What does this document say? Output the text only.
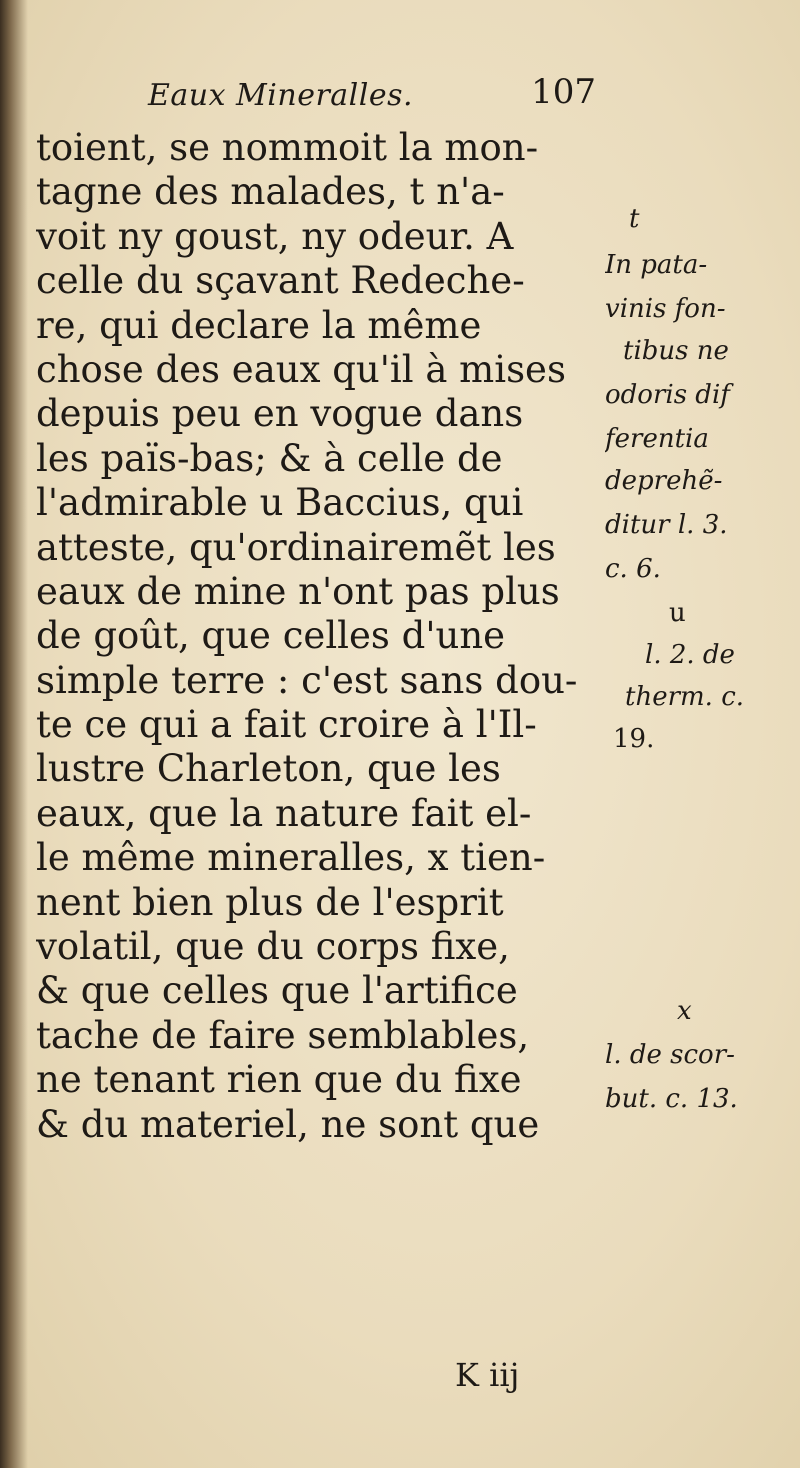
Eaux Mineralles.	107
toient, se nommoit la mon-
tagne des malades, t n'a-
voit ny goust, ny odeur. A
celle du sçavant Redeche-
re, qui declare la même
chose des eaux qu'il à mises
depuis peu en vogue dans
les païs-bas; & à celle de
l'admirable u Baccius, qui
atteste, qu'ordinairemẽt les
eaux de mine n'ont pas plus
de goût, que celles d'une
simple terre : c'est sans dou-
te ce qui a fait croire à l'Il-
lustre Charleton, que les
eaux, que la nature fait el-
le même mineralles, x tien-
nent bien plus de l'esprit
volatil, que du corps fixe,
& que celles que l'artifice
tache de faire semblables,
ne tenant rien que du fixe
& du materiel, ne sont que
t
In pata-
vinis fon-
tibus ne
odoris dif
ferentia
deprehẽ-
ditur l. 3.
c. 6.
u
l. 2. de
therm. c.
19.
x
l. de scor-
but. c. 13.
K iij
